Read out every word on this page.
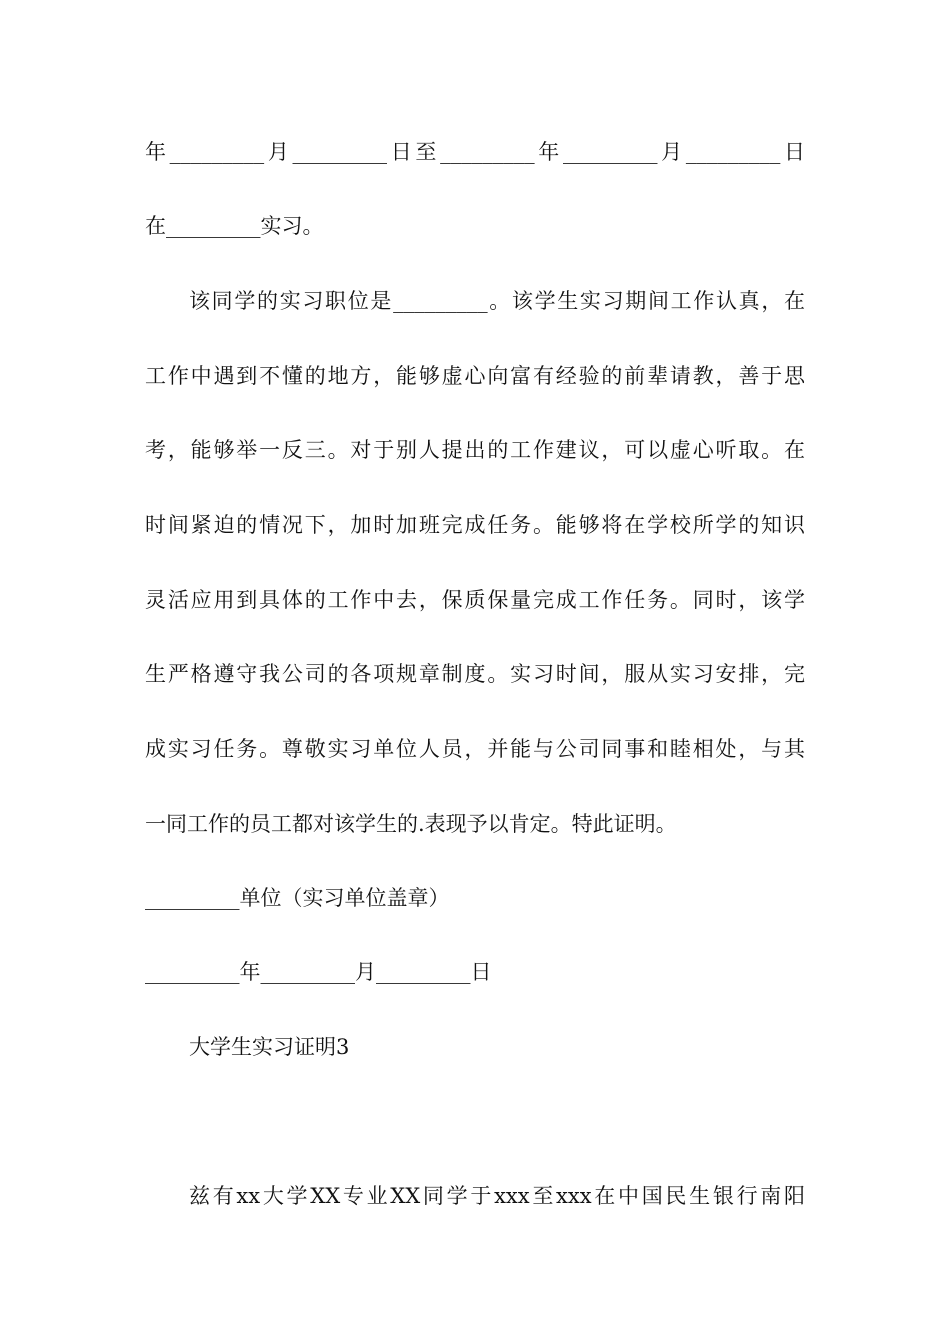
年_________月_________日至_________年_________月_________日
在_________实习。
该同学的实习职位是_________。该学生实习期间工作认真，在
工作中遇到不懂的地方，能够虚心向富有经验的前辈请教，善于思
考，能够举一反三。对于别人提出的工作建议，可以虚心听取。在
时间紧迫的情况下，加时加班完成任务。能够将在学校所学的知识
灵活应用到具体的工作中去，保质保量完成工作任务。同时，该学
生严格遵守我公司的各项规章制度。实习时间，服从实习安排，完
成实习任务。尊敬实习单位人员，并能与公司同事和睦相处，与其
一同工作的员工都对该学生的.表现予以肯定。特此证明。
_________单位（实习单位盖章）
_________年_________月_________日
大学生实习证明3
兹有xx大学XX专业XX同学于xxx至xxx在中国民生银行南阳
